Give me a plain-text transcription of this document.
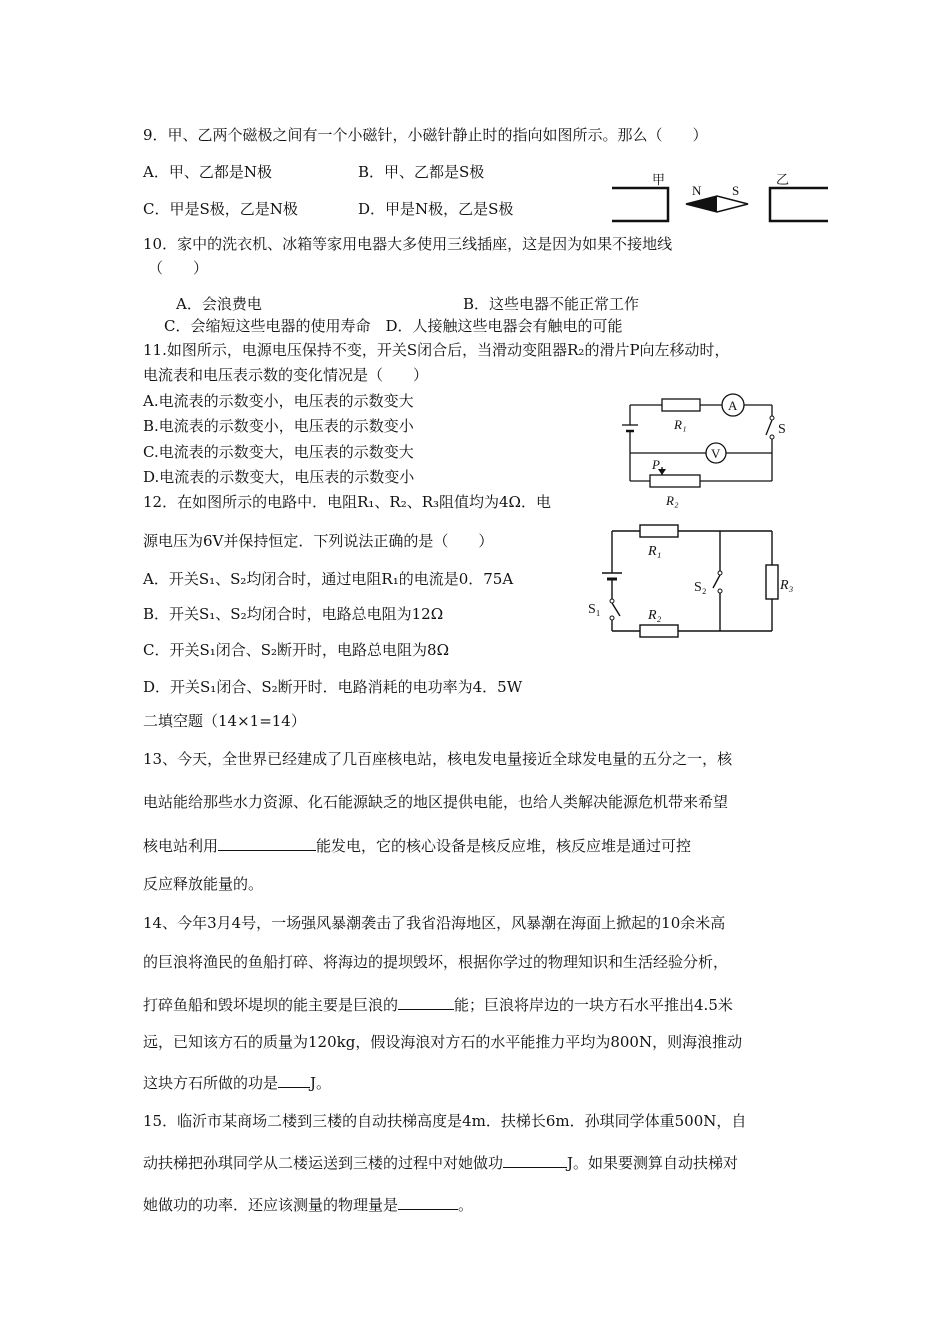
9．甲、乙两个磁极之间有一个小磁针，小磁针静止时的指向如图所示。那么（　　）
A．甲、乙都是N极	B．甲、乙都是S极
C．甲是S极，乙是N极	D．甲是N极，乙是S极
甲
N S
乙
10．家中的洗衣机、冰箱等家用电器大多使用三线插座，这是因为如果不接地线
（　　）
A．会浪费电	B．这些电器不能正常工作
C．会缩短这些电器的使用寿命　D．人接触这些电器会有触电的可能
11.如图所示，电源电压保持不变，开关S闭合后，当滑动变阻器R₂的滑片P向左移动时，
电流表和电压表示数的变化情况是（　　）
A.电流表的示数变小，电压表的示数变大
B.电流表的示数变小，电压表的示数变小
C.电流表的示数变大，电压表的示数变大
D.电流表的示数变大，电压表的示数变小
A
R₁	S
V
P
R₂
12．在如图所示的电路中．电阻R₁、R₂、R₃阻值均为4Ω．电
源电压为6V并保持恒定．下列说法正确的是（　　）
A．开关S₁、S₂均闭合时，通过电阻R₁的电流是0．75A
B．开关S₁、S₂均闭合时，电路总电阻为12Ω
C．开关S₁闭合、S₂断开时，电路总电阻为8Ω
D．开关S₁闭合、S₂断开时．电路消耗的电功率为4．5W
R₁
S₁	R₂
S₂	R₃
二填空题（14×1=14）
13、今天，全世界已经建成了几百座核电站，核电发电量接近全球发电量的五分之一，核
电站能给那些水力资源、化石能源缺乏的地区提供电能，也给人类解决能源危机带来希望
核电站利用	能发电，它的核心设备是核反应堆，核反应堆是通过可控
反应释放能量的。
14、今年3月4号，一场强风暴潮袭击了我省沿海地区，风暴潮在海面上掀起的10余米高
的巨浪将渔民的鱼船打碎、将海边的提坝毁坏，根据你学过的物理知识和生活经验分析，
打碎鱼船和毁坏堤坝的能主要是巨浪的	能；巨浪将岸边的一块方石水平推出4.5米
远，已知该方石的质量为120kg，假设海浪对方石的水平能推力平均为800N，则海浪推动
这块方石所做的功是 J。
15．临沂市某商场二楼到三楼的自动扶梯高度是4m．扶梯长6m．孙琪同学体重500N，自
动扶梯把孙琪同学从二楼运送到三楼的过程中对她做功	J。如果要测算自动扶梯对
她做功的功率．还应该测量的物理量是	。
